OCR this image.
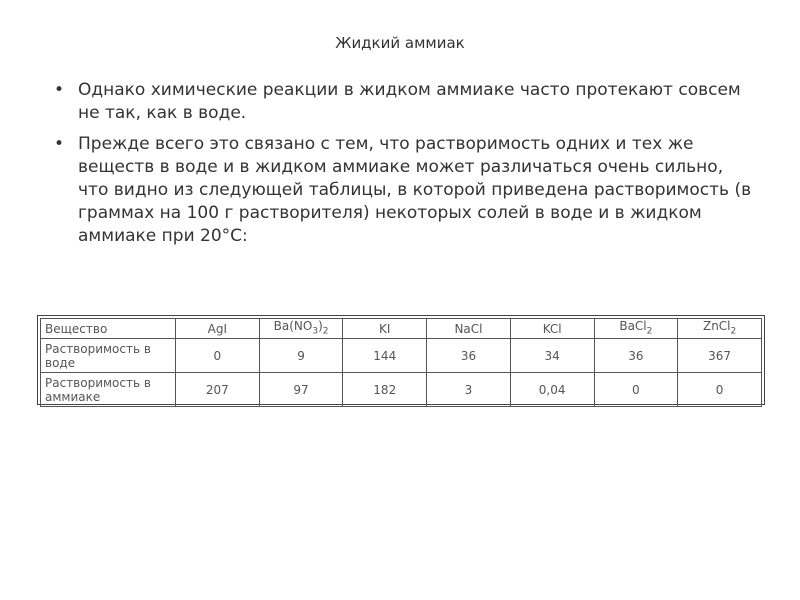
Жидкий аммиак
• Однако химические реакции в жидком аммиаке часто протекают совсем не так, как в воде.
• Прежде всего это связано с тем, что растворимость одних и тех же веществ в воде и в жидком аммиаке может различаться очень сильно, что видно из следующей таблицы, в которой приведена растворимость (в граммах на 100 г растворителя) некоторых солей в воде и в жидком аммиаке при 20°С:
Вещество	AgI	$Ba(NO_3)_2$	KI	NaCl	KCl	BaCl$_2$	ZnCl$_2$
Растворимость в воде	0	9	144	36	34	36	367
Растворимость в аммиаке	207	97	182	3	0,04	0	0
